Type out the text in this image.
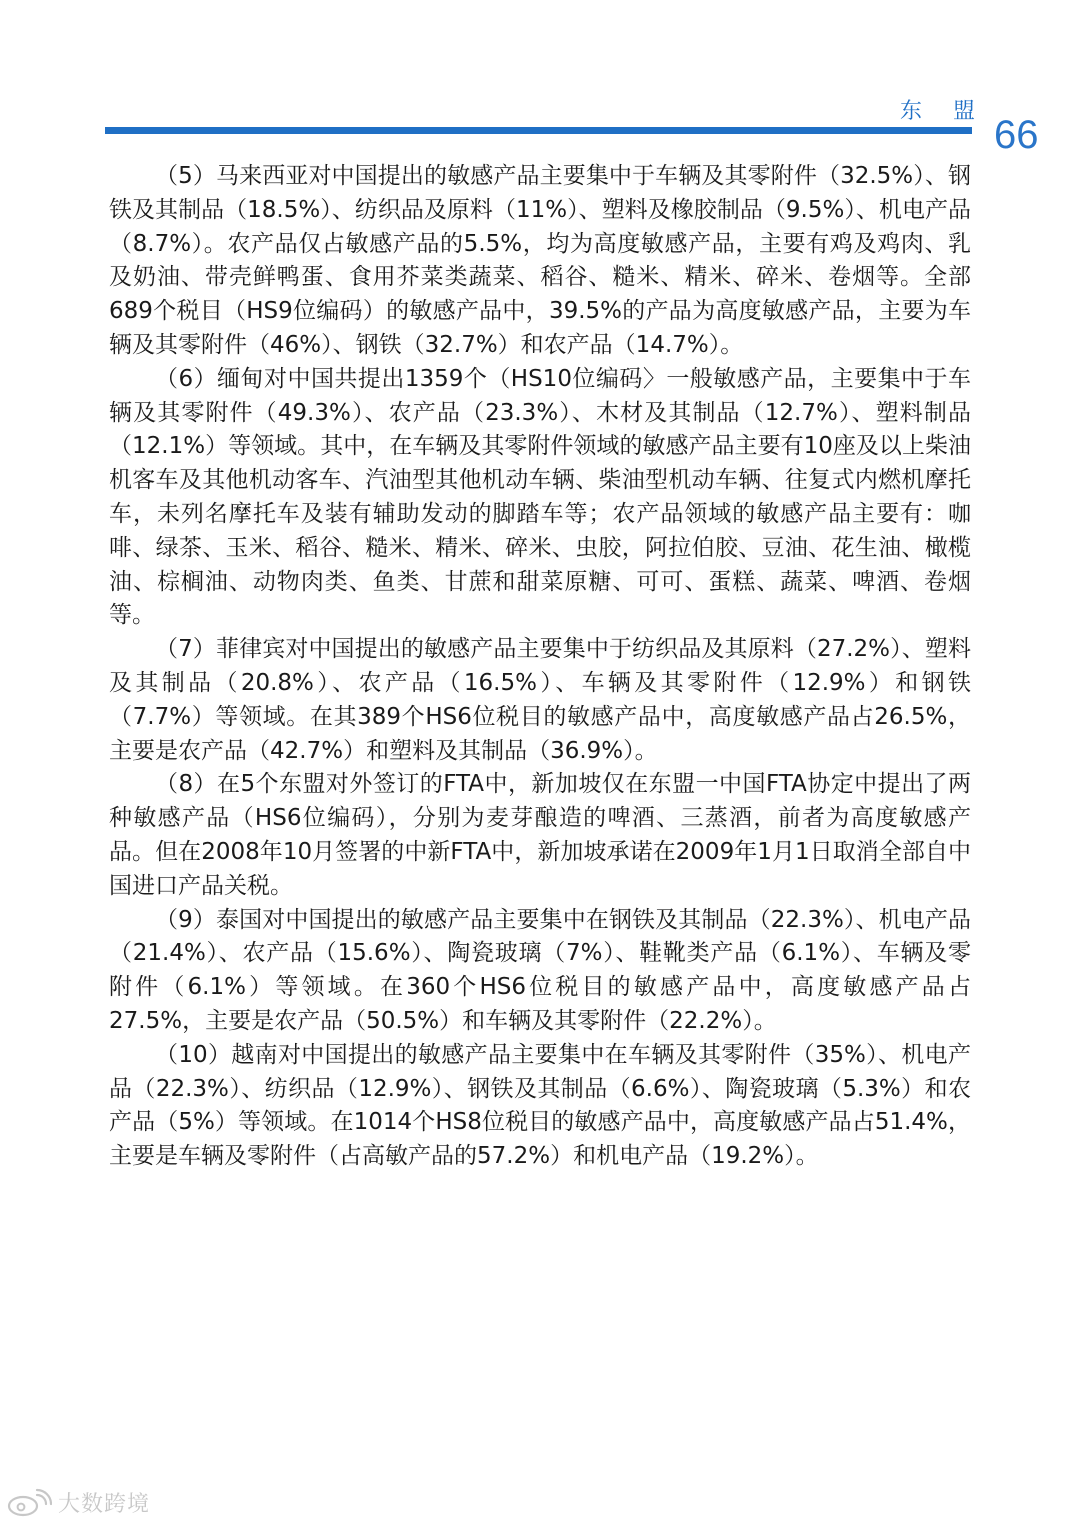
东 盟
66

（5）马来西亚对中国提出的敏感产品主要集中于车辆及其零附件（32.5%）、钢铁及其制品（18.5%）、纺织品及原料（11%）、塑料及橡胶制品（9.5%）、机电产品（8.7%）。农产品仅占敏感产品的5.5%，均为高度敏感产品，主要有鸡及鸡肉、乳及奶油、带壳鲜鸭蛋、食用芥菜类蔬菜、稻谷、糙米、精米、碎米、卷烟等。全部689个税目（HS9位编码）的敏感产品中，39.5%的产品为高度敏感产品，主要为车辆及其零附件（46%）、钢铁（32.7%）和农产品（14.7%）。

（6）缅甸对中国共提出1359个（HS10位编码〉一般敏感产品，主要集中于车辆及其零附件（49.3%）、农产品（23.3%）、木材及其制品（12.7%）、塑料制品（12.1%）等领域。其中，在车辆及其零附件领域的敏感产品主要有10座及以上柴油机客车及其他机动客车、汽油型其他机动车辆、柴油型机动车辆、往复式内燃机摩托车，未列名摩托车及装有辅助发动的脚踏车等；农产品领域的敏感产品主要有：咖啡、绿茶、玉米、稻谷、糙米、精米、碎米、虫胶，阿拉伯胶、豆油、花生油、橄榄油、棕榈油、动物肉类、鱼类、甘蔗和甜菜原糖、可可、蛋糕、蔬菜、啤酒、卷烟等。

（7）菲律宾对中国提出的敏感产品主要集中于纺织品及其原料（27.2%）、塑料及其制品（20.8%）、农产品（16.5%）、车辆及其零附件（12.9%）和钢铁（7.7%）等领域。在其389个HS6位税目的敏感产品中，高度敏感产品占26.5%，主要是农产品（42.7%）和塑料及其制品（36.9%）。

（8）在5个东盟对外签订的FTA中，新加坡仅在东盟一中国FTA协定中提出了两种敏感产品（HS6位编码），分别为麦芽酿造的啤酒、三蒸酒，前者为高度敏感产品。但在2008年10月签署的中新FTA中，新加坡承诺在2009年1月1日取消全部自中国进口产品关税。

（9）泰国对中国提出的敏感产品主要集中在钢铁及其制品（22.3%）、机电产品（21.4%）、农产品（15.6%）、陶瓷玻璃（7%）、鞋靴类产品（6.1%）、车辆及零附件（6.1%）等领域。在360个HS6位税目的敏感产品中，高度敏感产品占27.5%，主要是农产品（50.5%）和车辆及其零附件（22.2%）。

（10）越南对中国提出的敏感产品主要集中在车辆及其零附件（35%）、机电产品（22.3%）、纺织品（12.9%）、钢铁及其制品（6.6%）、陶瓷玻璃（5.3%）和农产品（5%）等领域。在1014个HS8位税目的敏感产品中，高度敏感产品占51.4%，主要是车辆及零附件（占高敏产品的57.2%）和机电产品（19.2%）。

大数跨境
